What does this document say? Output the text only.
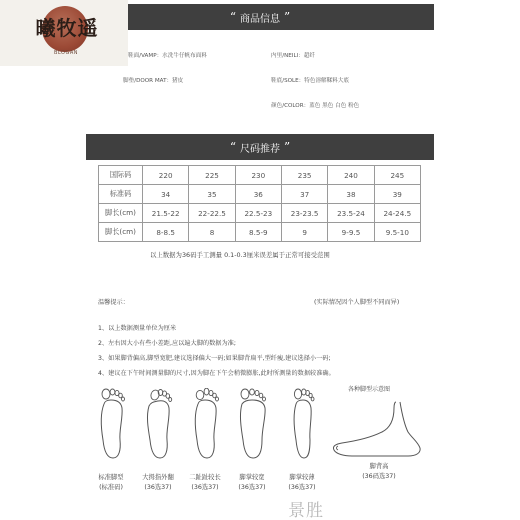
曦牧遥
BLOGAN
“ 商品信息 ”
鞋面/VAMP：水洗牛仔帆布面料	内里/NEILI：超纤
脚垫/DOOR MAT：猪皮	鞋底/SOLE：特色溶解鞣料大底
颜色/COLOR：蓝色 黑色 白色 粉色
“ 尺码推荐 ”
国际码	220	225	230	235	240	245
标准码	34	35	36	37	38	39
脚长(cm)	21.5-22	22-22.5	22.5-23	23-23.5	23.5-24	24-24.5
脚长(cm)	8-8.5	8	8.5-9	9	9-9.5	9.5-10
以上数据为36码手工测量 0.1-0.3厘米误差属于正常可接受范围
温馨提示：	(实际情况因个人脚型不同而异)
1、以上数据测量单位为厘米
2、左右因大小有些小差距,应以遍大脚的数据为准;
3、如果脚背偏高,脚型宽肥,建议选择偏大一码;如果脚背扁平,型纤瘦,建议选择小一码;
4、建议在下午时间测量脚的尺寸,因为脚在下午会稍微膨胀,此时所测量的数据较准确。
标准脚型
(标准码)
大拇指外翻
(36选37)
二趾趾较长
(36选37)
脚掌较宽
(36选37)
脚掌较薄
(36选37)
各种脚型示意图
脚背高
(36码选37)
景胜
